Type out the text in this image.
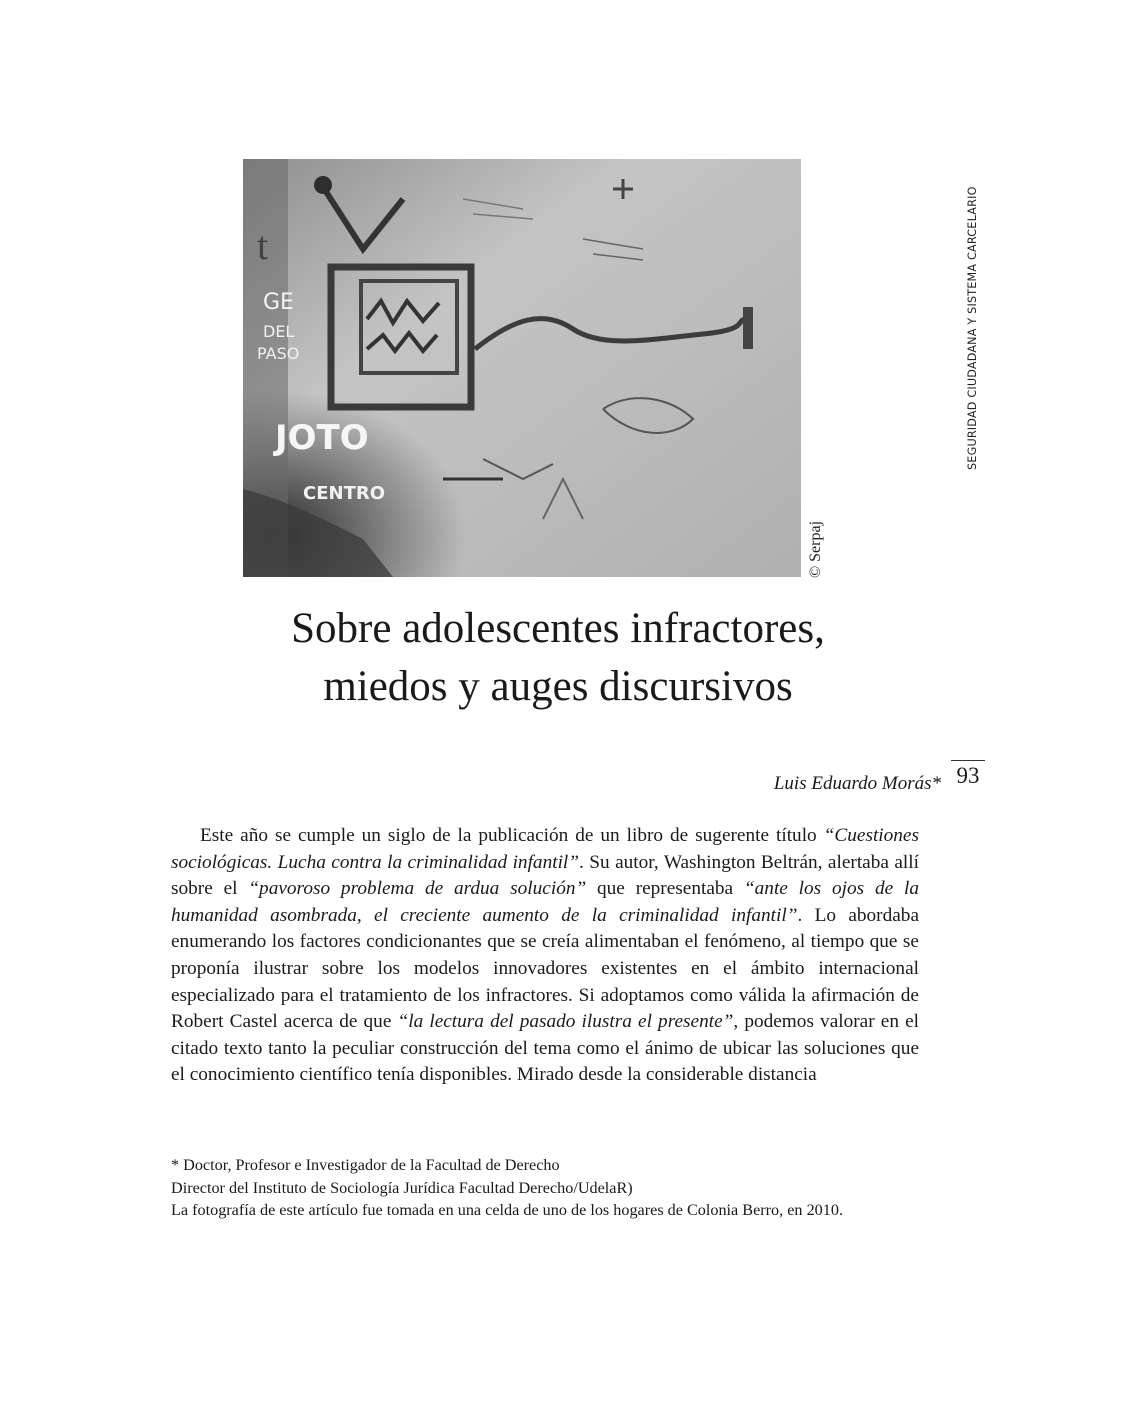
t
GE
DEL
PASO
JOTO
CENTRO
© Serpaj
SEGURIDAD CIUDADANA Y SISTEMA CARCELARIO
93
Sobre adolescentes infractores,
miedos y auges discursivos
Luis Eduardo Morás*

Este año se cumple un siglo de la publicación de un libro de sugerente título “Cuestiones sociológicas. Lucha contra la criminalidad infantil”. Su autor, Washington Beltrán, alertaba allí sobre el “pavoroso problema de ardua solución” que representaba “ante los ojos de la humanidad asombrada, el creciente aumento de la criminalidad infantil”. Lo abordaba enumerando los factores condicionantes que se creía alimentaban el fenómeno, al tiempo que se proponía ilustrar sobre los modelos innovadores existentes en el ámbito internacional especializado para el tratamiento de los infractores. Si adoptamos como válida la afirmación de Robert Castel acerca de que “la lectura del pasado ilustra el presente”, podemos valorar en el citado texto tanto la peculiar construcción del tema como el ánimo de ubicar las soluciones que el conocimiento científico tenía disponibles. Mirado desde la considerable distancia

* Doctor, Profesor e Investigador de la Facultad de Derecho
Director del Instituto de Sociología Jurídica Facultad Derecho/UdelaR)
La fotografía de este artículo fue tomada en una celda de uno de los hogares de Colonia Berro, en 2010.
